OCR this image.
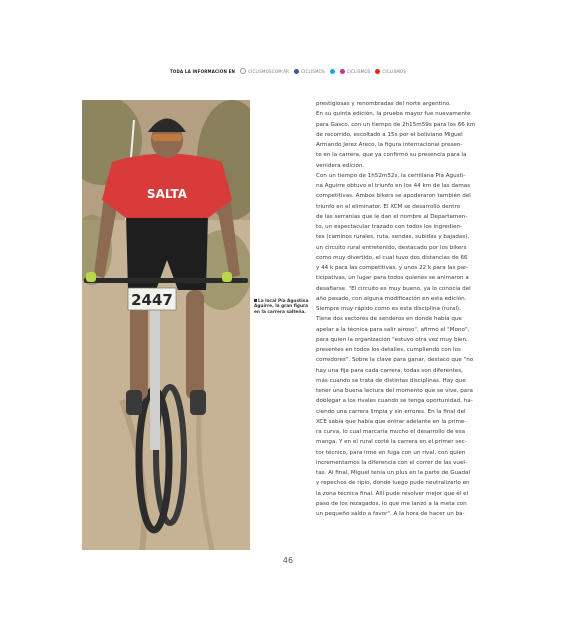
TODA LA INFORMACIÓN EN	CICLISMOSCOM.AR	CICLISMOS	CICLISMOS	CICLISMOS
SALTA
2447	La local Pía Agustina Aguirre, la gran figura en la carrera salteña.

prestigiosas y renombradas del norte argentino.

En su quinta edición, la prueba mayor fue nuevamente

para Gasco, con un tiempo de 2h15m59s para los 66 km

de recorrido, escoltado a 15s por el boliviano Miguel

Armando Jerez Areco, la figura internacional presen-

te en la carrera, que ya confirmó su presencia para la

venidera edición.

Con un tiempo de 1h52m52s, la cerrillana Pía Agusti-

na Aguirre obtuvo el triunfo en los 44 km de las damas

competitivas. Ambos bikers se apoderaron también del

triunfo en el eliminator. El XCM se desarrolló dentro

de las serranías que le dan el nombre al Departamen-

to, un espectacular trazado con todos los ingredien-

tes (caminos rurales, ruta, sendas, subidas y bajadas),

un circuito rural entretenido, destacado por los bikers

como muy divertido, el cual tuvo dos distancias de 66

y 44 k para las competitivas, y unos 22 k para las par-

ticipativas, un lugar para todos quienes se animaron a

desafiarse. "El circuito es muy bueno, ya lo conocía del

año pasado, con alguna modificación en esta edición.

Siempre muy rápido como es esta disciplina (rural).

Tiene dos sectores de senderos en donde había que

apelar a la técnica para salir airoso", afirmó el "Mono",

para quien la organización "estuvo otra vez muy bien,

presentes en todos los detalles, cumpliendo con los

corredores". Sobre la clave para ganar, destacó que "no

hay una fija para cada carrera, todas son diferentes,

más cuando se trata de distintas disciplinas. Hay que

tener una buena lectura del momento que se vive, para

doblegar a los rivales cuando se tenga oportunidad, ha-

ciendo una carrera limpia y sin errores. En la final del

XCE sabía que había que entrar adelante en la prime-

ra curva, lo cual marcaría mucho el desarrollo de esa

manga. Y en el rural corté la carrera en el primer sec-

tor técnico, para irme en fuga con un rival, con quien

incrementamos la diferencia con el correr de las vuel-

tas. Al final, Miguel tenía un plus en la parte de Guadal

y repechos de ripio, donde luego pude neutralizarlo en

la zona técnica final. Allí pude resolver mejor que él el

paso de los rezagados, lo que me lanzó a la meta con

un pequeño saldo a favor". A la hora de hacer un ba-

46
